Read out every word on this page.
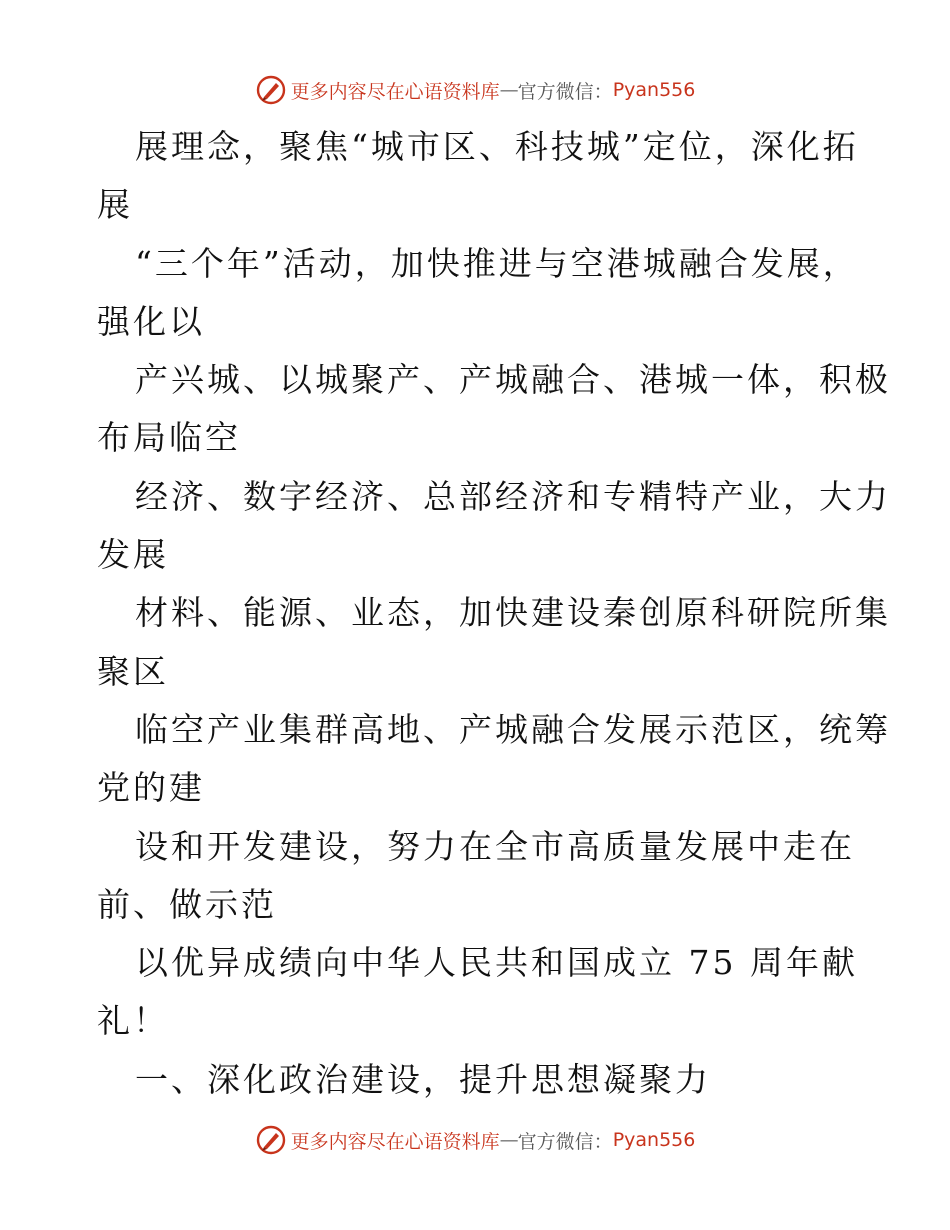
更多内容尽在心语资料库 — 官方微信： Pyan556
展理念，聚焦“城市区、科技城”定位，深化拓
展
“三个年”活动，加快推进与空港城融合发展，
强化以
产兴城、以城聚产、产城融合、港城一体，积极
布局临空
经济、数字经济、总部经济和专精特产业，大力
发展
材料、能源、业态，加快建设秦创原科研院所集
聚区
临空产业集群高地、产城融合发展示范区，统筹
党的建
设和开发建设，努力在全市高质量发展中走在
前、做示范
以优异成绩向中华人民共和国成立 75 周年献
礼！
一、深化政治建设，提升思想凝聚力
更多内容尽在心语资料库 — 官方微信： Pyan556
